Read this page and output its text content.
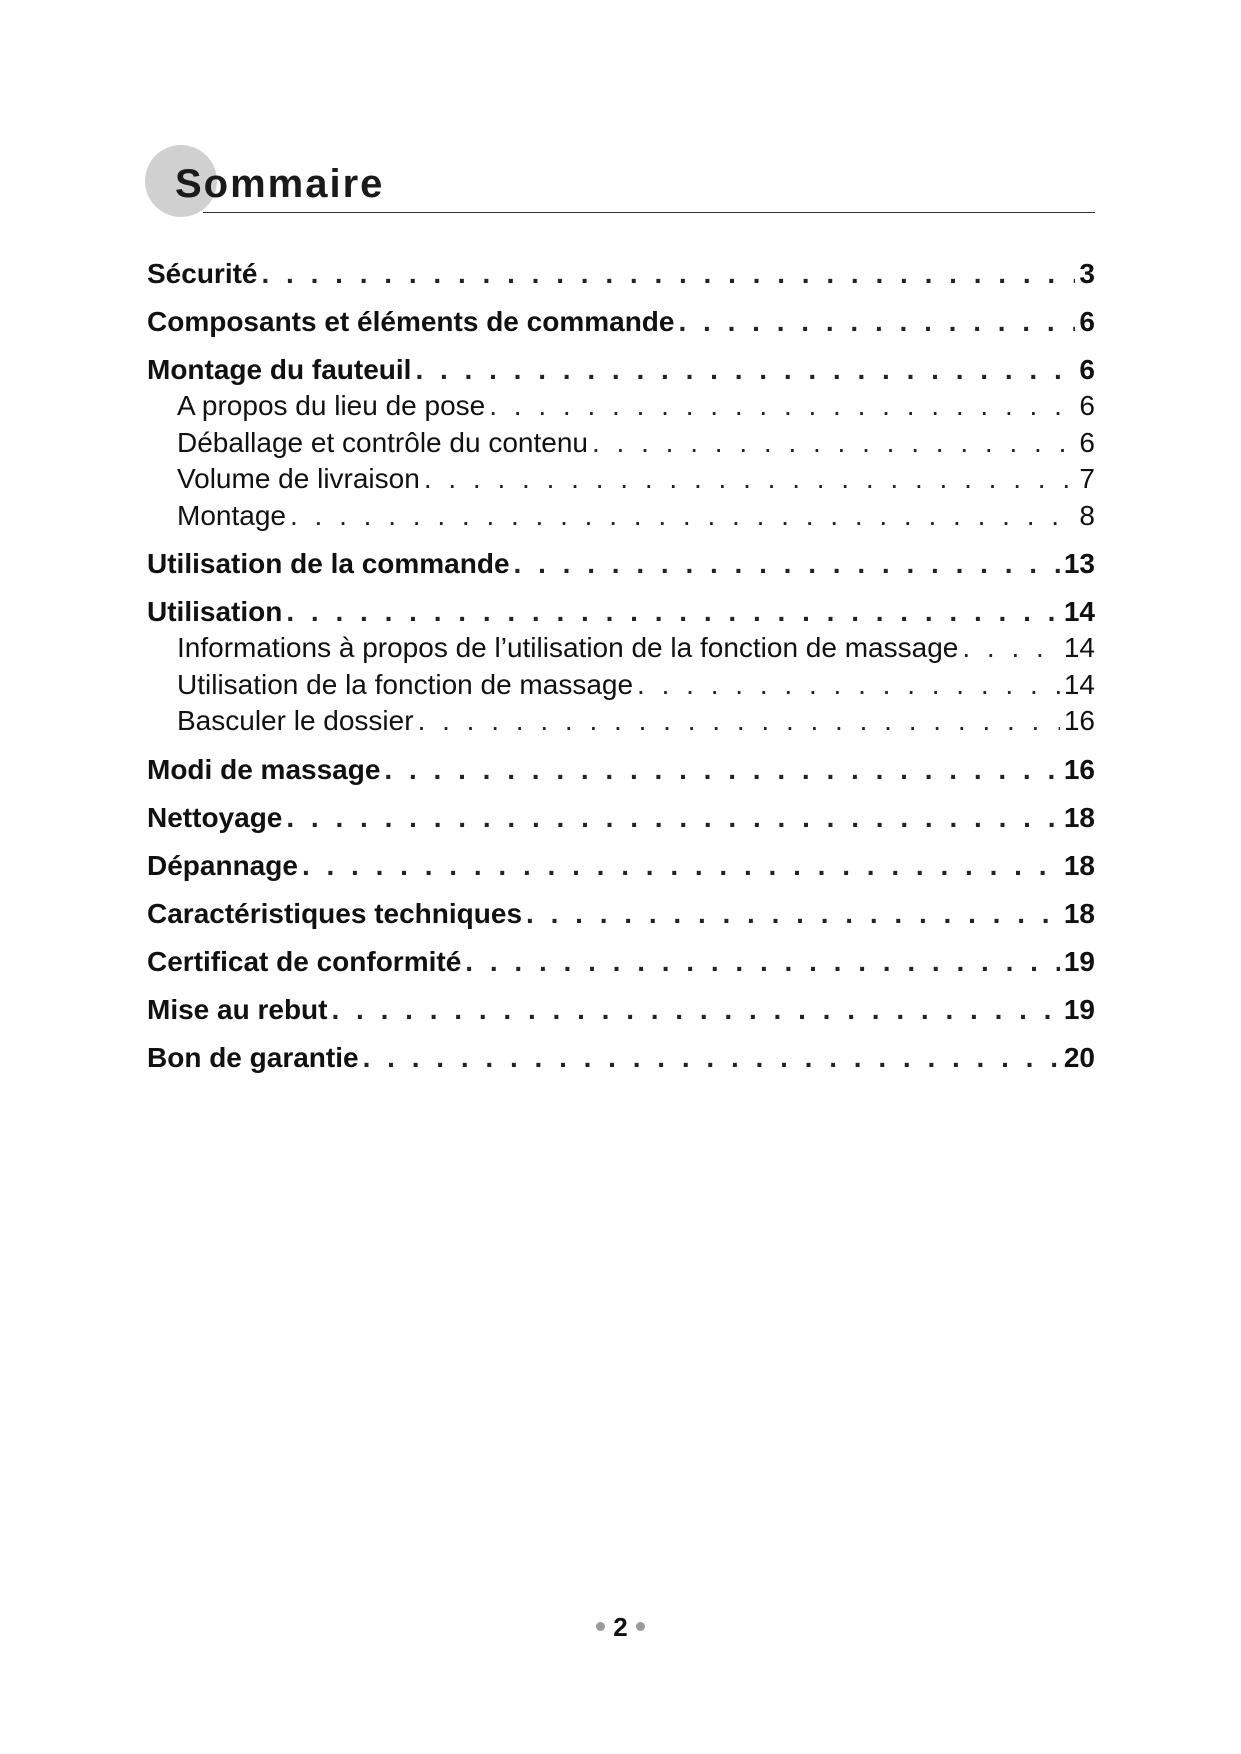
Sommaire
Sécurité . . .	3
Composants et éléments de commande . . .	6
Montage du fauteuil . . .	6
A propos du lieu de pose . . .	6
Déballage et contrôle du contenu . . .	6
Volume de livraison . . .	7
Montage . . .	8
Utilisation de la commande . . .	13
Utilisation . . .	14
Informations à propos de l’utilisation de la fonction de massage . . .	14
Utilisation de la fonction de massage . . .	14
Basculer le dossier . . .	16
Modi de massage . . .	16
Nettoyage . . .	18
Dépannage . . .	18
Caractéristiques techniques . . .	18
Certificat de conformité . . .	19
Mise au rebut . . .	19
Bon de garantie . . .	20
2
